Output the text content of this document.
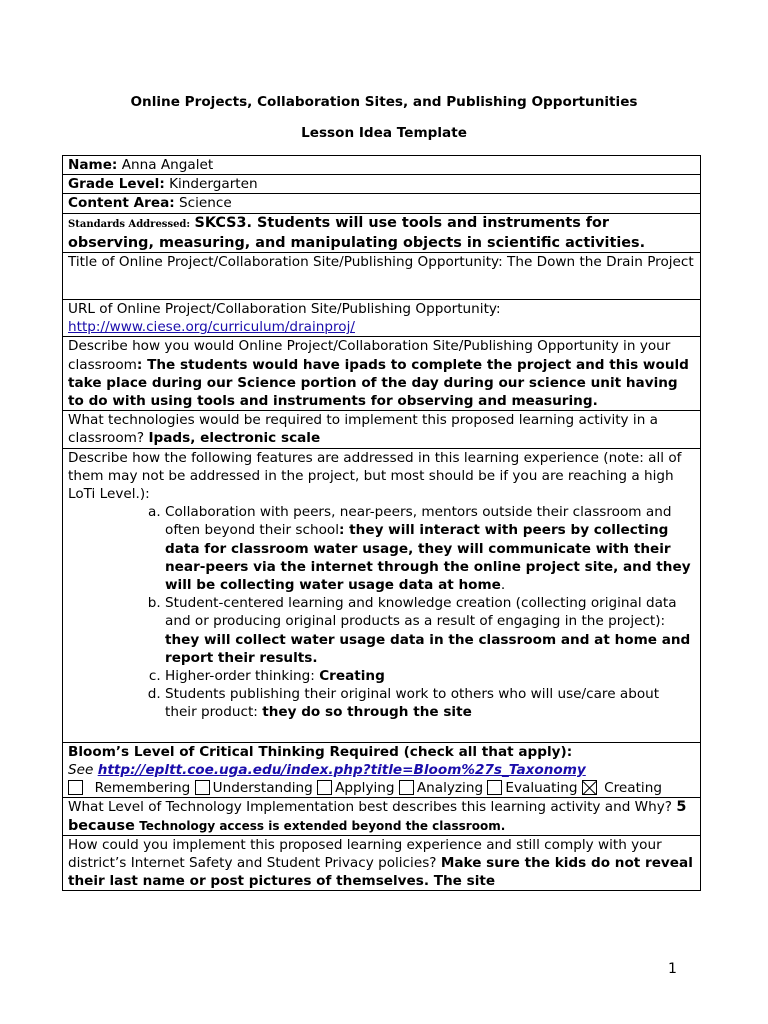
Online Projects, Collaboration Sites, and Publishing Opportunities
Lesson Idea Template
Name: Anna Angalet
Grade Level: Kindergarten
Content Area: Science
Standards Addressed: SKCS3. Students will use tools and instruments for observing, measuring, and manipulating objects in scientific activities.
Title of Online Project/Collaboration Site/Publishing Opportunity: The Down the Drain Project

URL of Online Project/Collaboration Site/Publishing Opportunity:
http://www.ciese.org/curriculum/drainproj/
Describe how you would Online Project/Collaboration Site/Publishing Opportunity in your classroom: The students would have ipads to complete the project and this would take place during our Science portion of the day during our science unit having to do with using tools and instruments for observing and measuring.
What technologies would be required to implement this proposed learning activity in a classroom? Ipads, electronic scale

Describe how the following features are addressed in this learning experience (note: all of them may not be addressed in the project, but most should be if you are reaching a high LoTi Level.):
a. Collaboration with peers, near-peers, mentors outside their classroom and often beyond their school: they will interact with peers by collecting data for classroom water usage, they will communicate with their near-peers via the internet through the online project site, and they will be collecting water usage data at home.
b. Student-centered learning and knowledge creation (collecting original data and or producing original products as a result of engaging in the project): they will collect water usage data in the classroom and at home and report their results.
c. Higher-order thinking: Creating
d. Students publishing their original work to others who will use/care about their product: they do so through the site

Bloom’s Level of Critical Thinking Required (check all that apply):
See http://epltt.coe.uga.edu/index.php?title=Bloom%27s_Taxonomy
Remembering Understanding Applying Analyzing Evaluating Creating

What Level of Technology Implementation best describes this learning activity and Why? 5 because Technology access is extended beyond the classroom.
How could you implement this proposed learning experience and still comply with your district’s Internet Safety and Student Privacy policies? Make sure the kids do not reveal their last name or post pictures of themselves. The site
1
